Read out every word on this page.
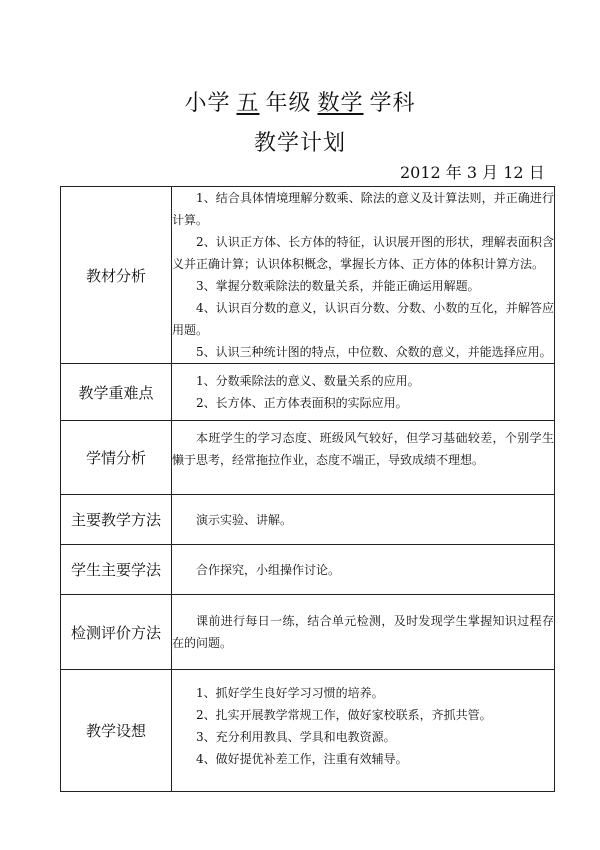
小学 五 年级 数学 学科
教学计划
2012 年 3 月 12 日
教材分析	1、结合具体情境理解分数乘、除法的意义及计算法则，并正确进行计算。

2、认识正方体、长方体的特征，认识展开图的形状，理解表面积含义并正确计算；认识体积概念，掌握长方体、正方体的体积计算方法。

3、掌握分数乘除法的数量关系，并能正确运用解题。

4、认识百分数的意义，认识百分数、分数、小数的互化，并解答应用题。

5、认识三种统计图的特点，中位数、众数的意义，并能选择应用。

教学重难点	1、分数乘除法的意义、数量关系的应用。

2、长方体、正方体表面积的实际应用。

学情分析	本班学生的学习态度、班级风气较好，但学习基础较差，个别学生懒于思考，经常拖拉作业，态度不端正，导致成绩不理想。

主要教学方法	演示实验、讲解。

学生主要学法	合作探究，小组操作讨论。

检测评价方法	课前进行每日一练，结合单元检测，及时发现学生掌握知识过程存在的问题。

教学设想	1、抓好学生良好学习习惯的培养。

2、扎实开展教学常规工作，做好家校联系，齐抓共管。

3、充分利用教具、学具和电教资源。

4、做好提优补差工作，注重有效辅导。
